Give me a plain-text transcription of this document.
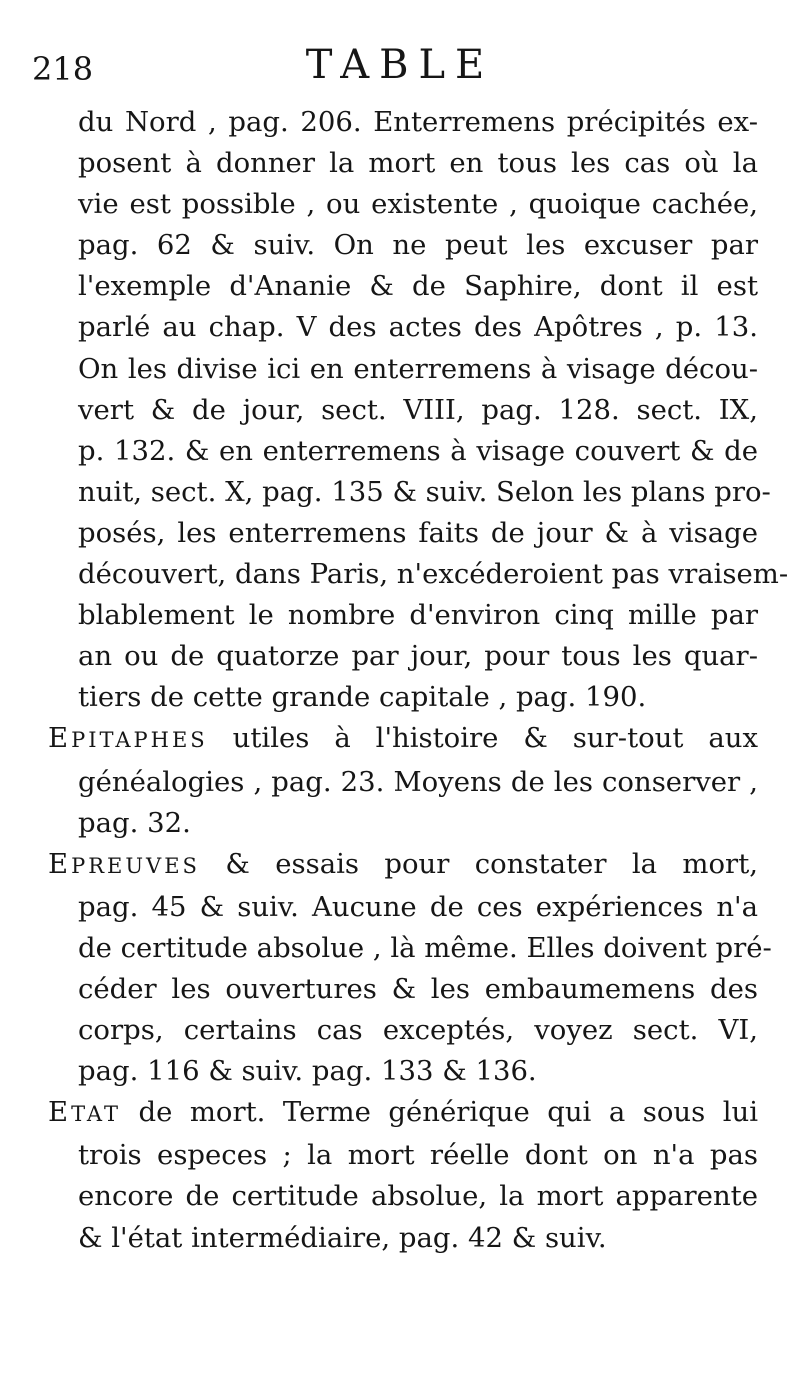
218	TABLE
du Nord , pag. 206. Enterremens précipités ex-
posent à donner la mort en tous les cas où la
vie est possible , ou existente , quoique cachée,
pag. 62 & suiv. On ne peut les excuser par
l'exemple d'Ananie & de Saphire, dont il est
parlé au chap. V des actes des Apôtres , p. 13.
On les divise ici en enterremens à visage décou-
vert & de jour, sect. VIII, pag. 128. sect. IX,
p. 132. & en enterremens à visage couvert & de
nuit, sect. X, pag. 135 & suiv. Selon les plans pro-
posés, les enterremens faits de jour & à visage
découvert, dans Paris, n'excéderoient pas vraisem-
blablement le nombre d'environ cinq mille par
an ou de quatorze par jour, pour tous les quar-
tiers de cette grande capitale , pag. 190.
EPITAPHES utiles à l'histoire & sur-tout aux
généalogies , pag. 23. Moyens de les conserver ,
pag. 32.
EPREUVES & essais pour constater la mort,
pag. 45 & suiv. Aucune de ces expériences n'a
de certitude absolue , là même. Elles doivent pré-
céder les ouvertures & les embaumemens des
corps, certains cas exceptés, voyez sect. VI,
pag. 116 & suiv. pag. 133 & 136.
ETAT de mort. Terme générique qui a sous lui
trois especes ; la mort réelle dont on n'a pas
encore de certitude absolue, la mort apparente
& l'état intermédiaire, pag. 42 & suiv.
